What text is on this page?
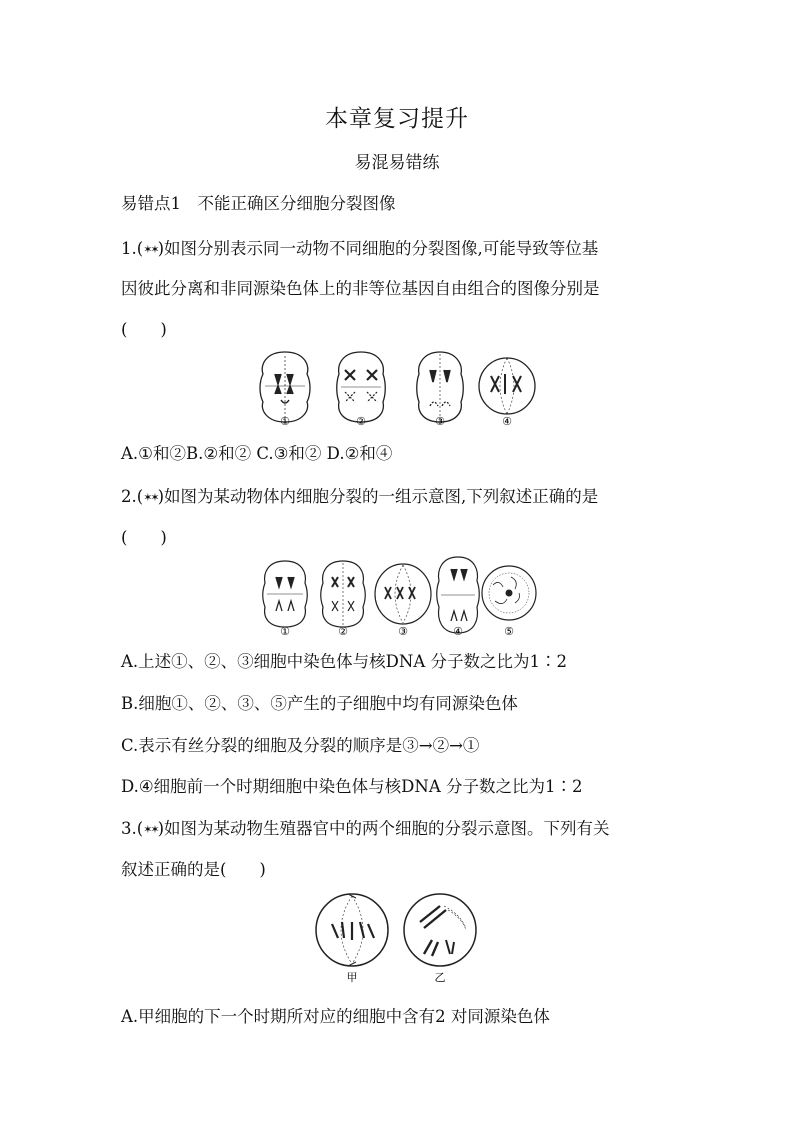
本章复习提升
易混易错练
易错点1　不能正确区分细胞分裂图像
1.(✶✶)如图分别表示同一动物不同细胞的分裂图像,可能导致等位基
因彼此分离和非同源染色体上的非等位基因自由组合的图像分别是
(　　)
①	②	③	④
A.①和②B.②和② C.③和② D.②和④
2.(✶✶)如图为某动物体内细胞分裂的一组示意图,下列叙述正确的是
(　　)
①	②	③	④	⑤
A.上述①、②、③细胞中染色体与核DNA 分子数之比为1∶2
B.细胞①、②、③、⑤产生的子细胞中均有同源染色体
C.表示有丝分裂的细胞及分裂的顺序是③→②→①
D.④细胞前一个时期细胞中染色体与核DNA 分子数之比为1∶2
3.(✶✶)如图为某动物生殖器官中的两个细胞的分裂示意图。下列有关
叙述正确的是(　　)
甲	乙
A.甲细胞的下一个时期所对应的细胞中含有2 对同源染色体
